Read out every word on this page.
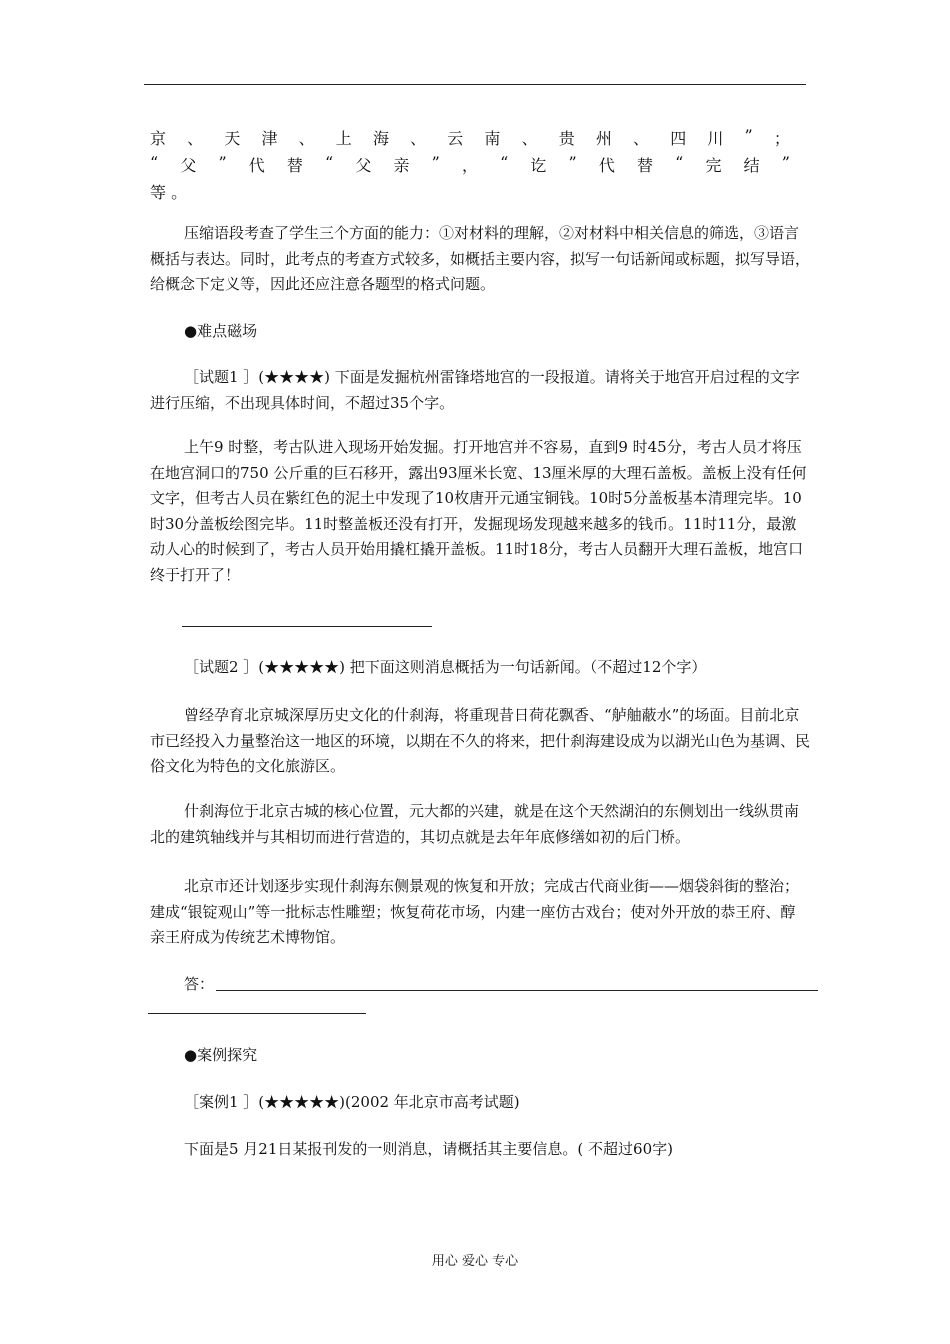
京 、 天 津 、 上 海 、 云 南 、 贵 州 、 四 川 ” ；
“ 父 ” 代 替 “ 父 亲 ” ， “ 讫 ” 代 替 “ 完 结 ”
等 。
压缩语段考查了学生三个方面的能力：①对材料的理解，②对材料中相关信息的筛选，③语言概括与表达。同时，此考点的考查方式较多，如概括主要内容，拟写一句话新闻或标题，拟写导语，给概念下定义等，因此还应注意各题型的格式问题。
●难点磁场
［试题1 ］(★★★★) 下面是发掘杭州雷锋塔地宫的一段报道。请将关于地宫开启过程的文字进行压缩，不出现具体时间，不超过35个字。
上午9 时整，考古队进入现场开始发掘。打开地宫并不容易，直到9 时45分，考古人员才将压在地宫洞口的750 公斤重的巨石移开，露出93厘米长宽、13厘米厚的大理石盖板。盖板上没有任何文字，但考古人员在紫红色的泥土中发现了10枚唐开元通宝铜钱。10时5分盖板基本清理完毕。10时30分盖板绘图完毕。11时整盖板还没有打开，发掘现场发现越来越多的钱币。11时11分，最激动人心的时候到了，考古人员开始用撬杠撬开盖板。11时18分，考古人员翻开大理石盖板，地宫口终于打开了！
［试题2 ］(★★★★★) 把下面这则消息概括为一句话新闻。（不超过12个字）
曾经孕育北京城深厚历史文化的什刹海，将重现昔日荷花飘香、“舻舳蔽水”的场面。目前北京市已经投入力量整治这一地区的环境，以期在不久的将来，把什刹海建设成为以湖光山色为基调、民俗文化为特色的文化旅游区。
什刹海位于北京古城的核心位置，元大都的兴建，就是在这个天然湖泊的东侧划出一线纵贯南北的建筑轴线并与其相切而进行营造的，其切点就是去年年底修缮如初的后门桥。
北京市还计划逐步实现什刹海东侧景观的恢复和开放；完成古代商业街——烟袋斜街的整治；建成“银锭观山”等一批标志性雕塑；恢复荷花市场，内建一座仿古戏台；使对外开放的恭王府、醇亲王府成为传统艺术博物馆。
答：
●案例探究
［案例1 ］(★★★★★)(2002 年北京市高考试题)
下面是5 月21日某报刊发的一则消息，请概括其主要信息。( 不超过60字)
用心 爱心 专心
